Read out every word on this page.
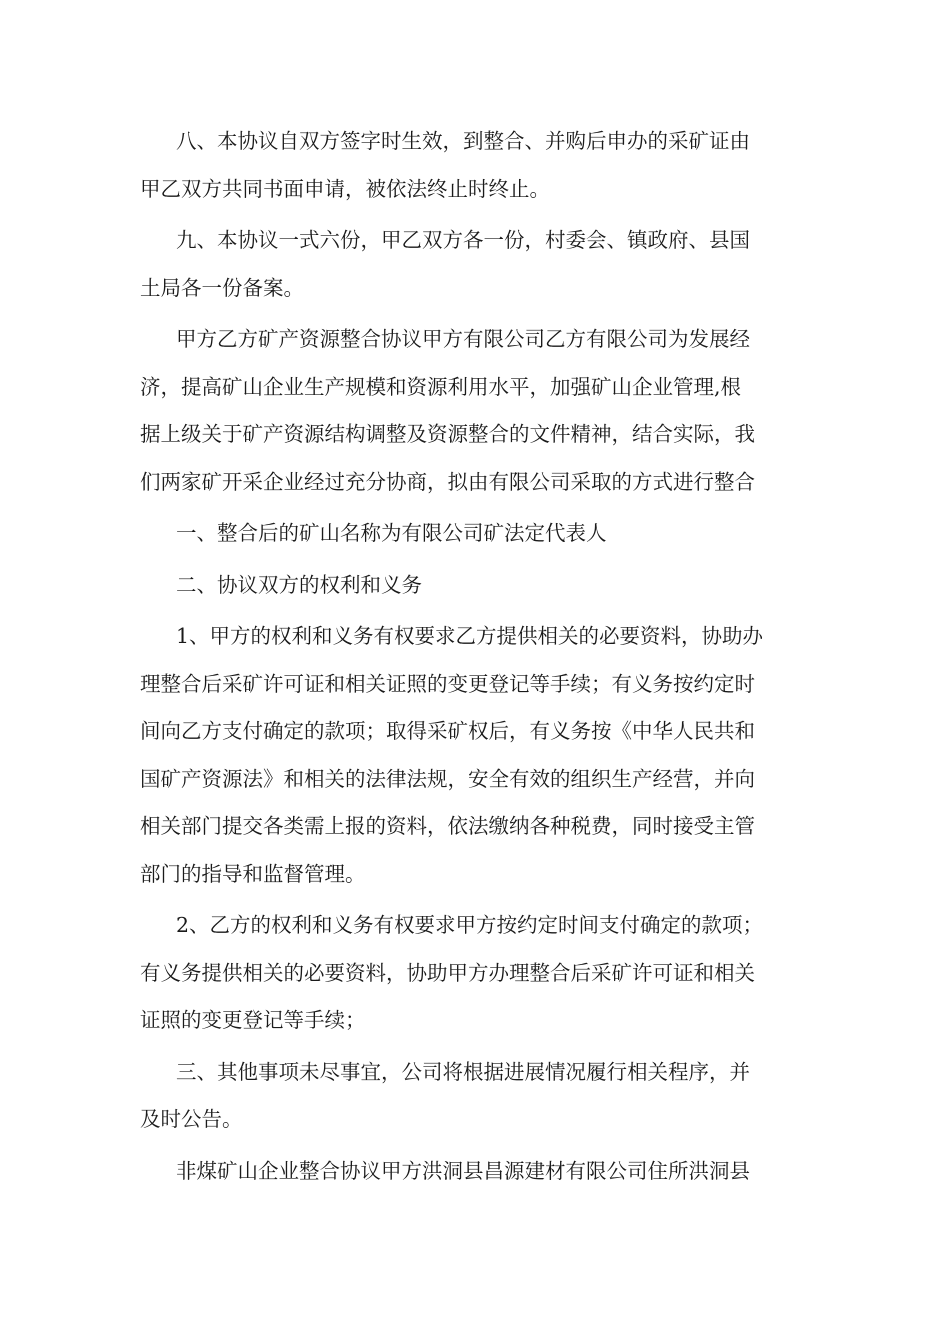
八、本协议自双方签字时生效，到整合、并购后申办的采矿证由
甲乙双方共同书面申请，被依法终止时终止。
九、本协议一式六份，甲乙双方各一份，村委会、镇政府、县国
土局各一份备案。
甲方乙方矿产资源整合协议甲方有限公司乙方有限公司为发展经
济，提高矿山企业生产规模和资源利用水平，加强矿山企业管理,根
据上级关于矿产资源结构调整及资源整合的文件精神，结合实际，我
们两家矿开采企业经过充分协商，拟由有限公司采取的方式进行整合
一、整合后的矿山名称为有限公司矿法定代表人
二、协议双方的权利和义务
1、甲方的权利和义务有权要求乙方提供相关的必要资料，协助办
理整合后采矿许可证和相关证照的变更登记等手续；有义务按约定时
间向乙方支付确定的款项；取得采矿权后，有义务按《中华人民共和
国矿产资源法》和相关的法律法规，安全有效的组织生产经营，并向
相关部门提交各类需上报的资料，依法缴纳各种税费，同时接受主管
部门的指导和监督管理。
2、乙方的权利和义务有权要求甲方按约定时间支付确定的款项；
有义务提供相关的必要资料，协助甲方办理整合后采矿许可证和相关
证照的变更登记等手续；
三、其他事项未尽事宜，公司将根据进展情况履行相关程序，并
及时公告。
非煤矿山企业整合协议甲方洪洞县昌源建材有限公司住所洪洞县
